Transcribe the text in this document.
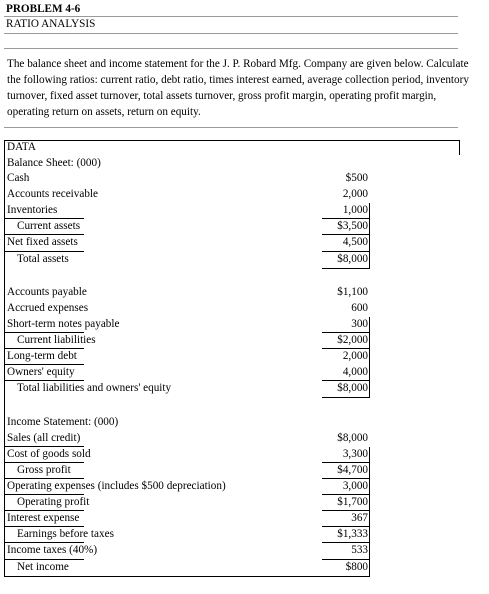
PROBLEM 4-6
RATIO ANALYSIS
The balance sheet and income statement for the J. P. Robard Mfg. Company are given below. Calculate the following ratios: current ratio, debt ratio, times interest earned, average collection period, inventory turnover, fixed asset turnover, total assets turnover, gross profit margin, operating profit margin, operating return on assets, return on equity.
DATA
Balance Sheet: (000)
Cash	$500
Accounts receivable	2,000
Inventories	1,000
Current assets	$3,500
Net fixed assets	4,500
Total assets	$8,000
Accounts payable	$1,100
Accrued expenses	600
Short-term notes payable	300
Current liabilities	$2,000
Long-term debt	2,000
Owners' equity	4,000
Total liabilities and owners' equity	$8,000
Income Statement: (000)
Sales (all credit)	$8,000
Cost of goods sold	3,300
Gross profit	$4,700
Operating expenses (includes $500 depreciation)	3,000
Operating profit	$1,700
Interest expense	367
Earnings before taxes	$1,333
Income taxes (40%)	533
Net income	$800
